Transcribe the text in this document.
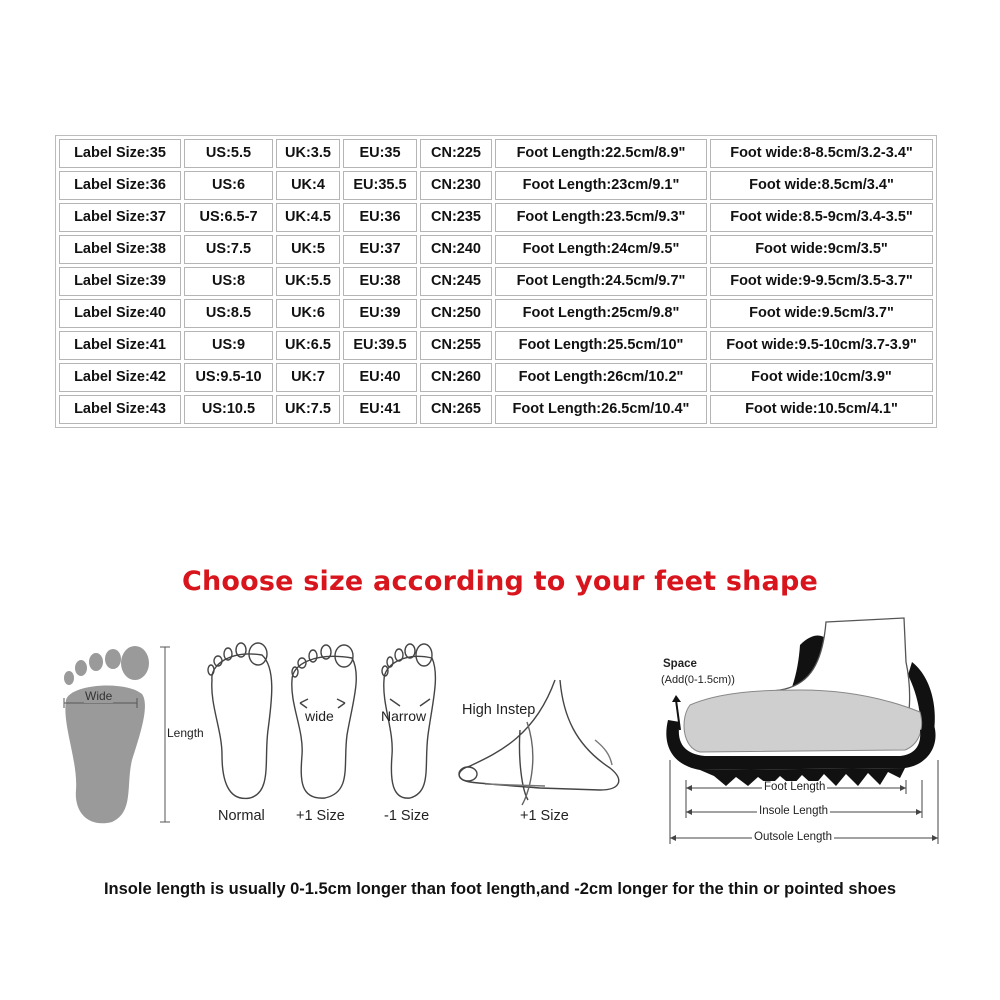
Label Size:35	US:5.5	UK:3.5	EU:35	CN:225	Foot Length:22.5cm/8.9"	Foot wide:8-8.5cm/3.2-3.4"
Label Size:36	US:6	UK:4	EU:35.5	CN:230	Foot Length:23cm/9.1"	Foot wide:8.5cm/3.4"
Label Size:37	US:6.5-7	UK:4.5	EU:36	CN:235	Foot Length:23.5cm/9.3"	Foot wide:8.5-9cm/3.4-3.5"
Label Size:38	US:7.5	UK:5	EU:37	CN:240	Foot Length:24cm/9.5"	Foot wide:9cm/3.5"
Label Size:39	US:8	UK:5.5	EU:38	CN:245	Foot Length:24.5cm/9.7"	Foot wide:9-9.5cm/3.5-3.7"
Label Size:40	US:8.5	UK:6	EU:39	CN:250	Foot Length:25cm/9.8"	Foot wide:9.5cm/3.7"
Label Size:41	US:9	UK:6.5	EU:39.5	CN:255	Foot Length:25.5cm/10"	Foot wide:9.5-10cm/3.7-3.9"
Label Size:42	US:9.5-10	UK:7	EU:40	CN:260	Foot Length:26cm/10.2"	Foot wide:10cm/3.9"
Label Size:43	US:10.5	UK:7.5	EU:41	CN:265	Foot Length:26.5cm/10.4"	Foot wide:10.5cm/4.1"
Choose size according to your feet shape
Wide
Length
wide	Narrow High Instep
Normal +1 Size	-1 Size	+1 Size
Space
(Add(0-1.5cm))
Foot Length
Insole Length
Outsole Length
Insole length is usually 0-1.5cm longer than foot length,and -2cm longer for the thin or pointed shoes
